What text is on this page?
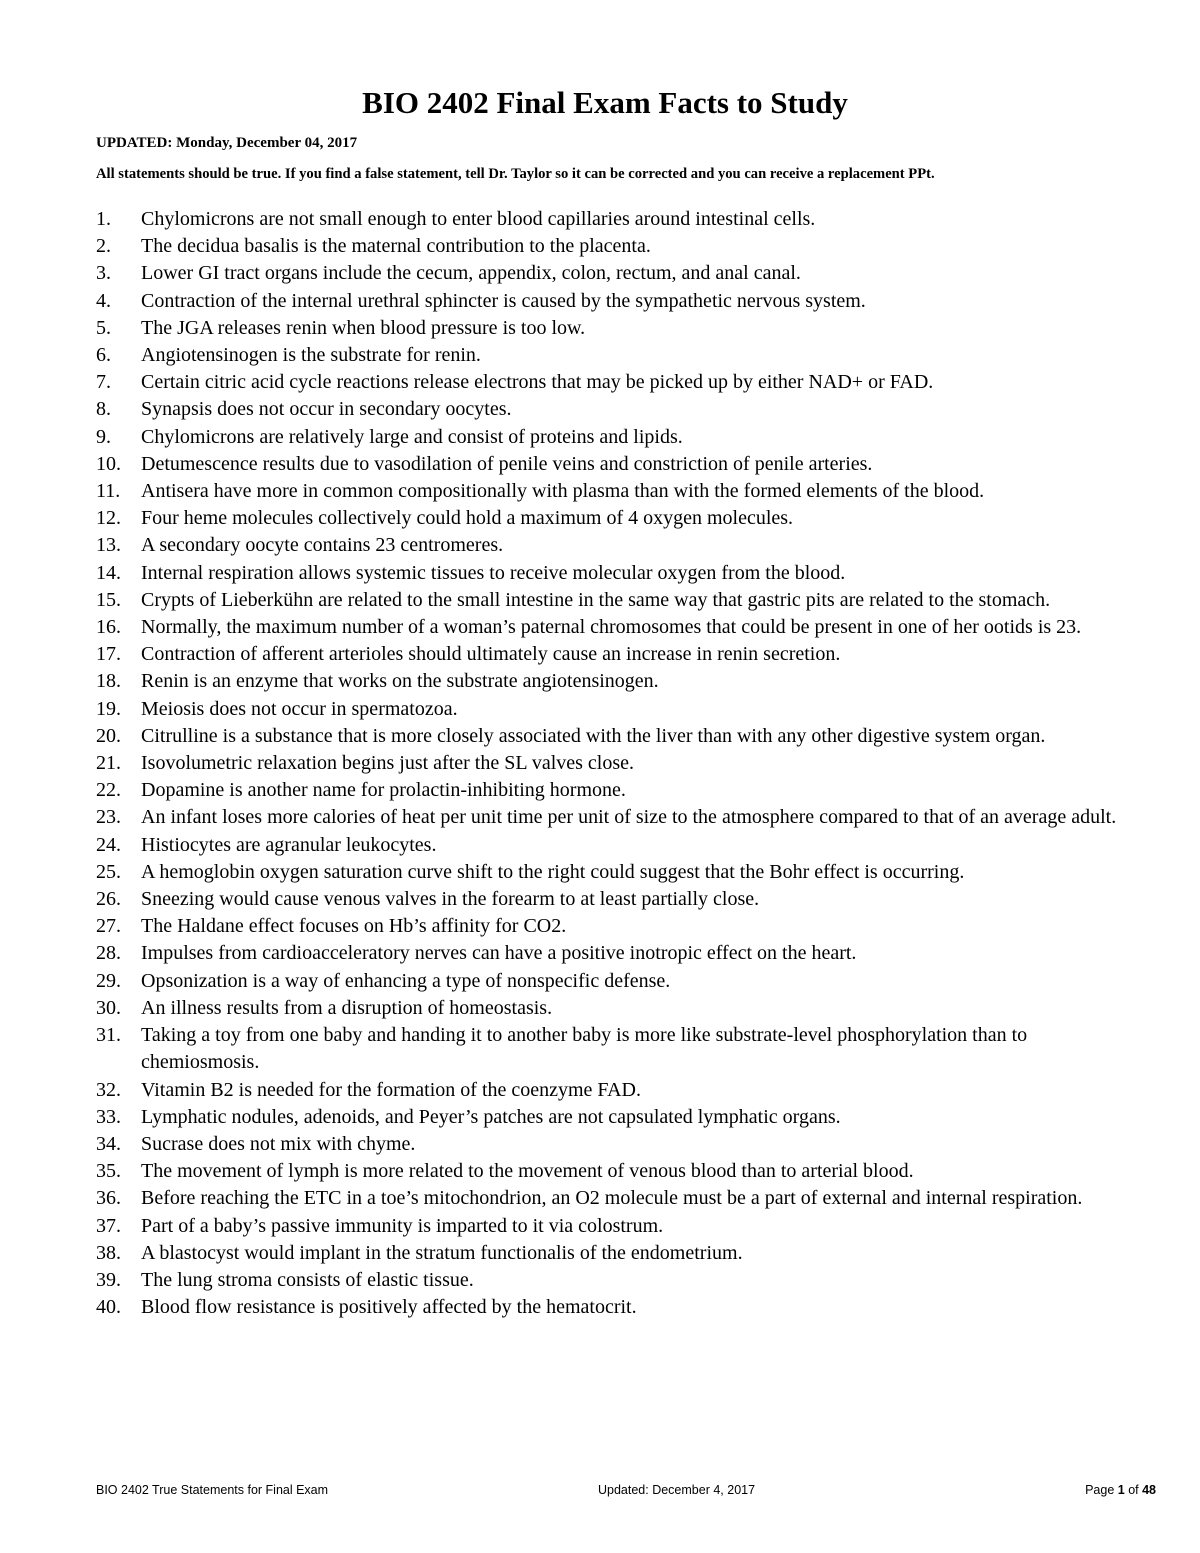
BIO 2402 Final Exam Facts to Study
UPDATED: Monday, December 04, 2017
All statements should be true. If you find a false statement, tell Dr. Taylor so it can be corrected and you can receive a replacement PPt.
1.	Chylomicrons are not small enough to enter blood capillaries around intestinal cells.
2.	The decidua basalis is the maternal contribution to the placenta.
3.	Lower GI tract organs include the cecum, appendix, colon, rectum, and anal canal.
4.	Contraction of the internal urethral sphincter is caused by the sympathetic nervous system.
5.	The JGA releases renin when blood pressure is too low.
6.	Angiotensinogen is the substrate for renin.
7.	Certain citric acid cycle reactions release electrons that may be picked up by either NAD+ or FAD.
8.	Synapsis does not occur in secondary oocytes.
9.	Chylomicrons are relatively large and consist of proteins and lipids.
10.	Detumescence results due to vasodilation of penile veins and constriction of penile arteries.
11.	Antisera have more in common compositionally with plasma than with the formed elements of the blood.
12.	Four heme molecules collectively could hold a maximum of 4 oxygen molecules.
13.	A secondary oocyte contains 23 centromeres.
14.	Internal respiration allows systemic tissues to receive molecular oxygen from the blood.
15.	Crypts of Lieberkühn are related to the small intestine in the same way that gastric pits are related to the stomach.
16.	Normally, the maximum number of a woman’s paternal chromosomes that could be present in one of her ootids is 23.
17.	Contraction of afferent arterioles should ultimately cause an increase in renin secretion.
18.	Renin is an enzyme that works on the substrate angiotensinogen.
19.	Meiosis does not occur in spermatozoa.
20.	Citrulline is a substance that is more closely associated with the liver than with any other digestive system organ.
21.	Isovolumetric relaxation begins just after the SL valves close.
22.	Dopamine is another name for prolactin-inhibiting hormone.
23.	An infant loses more calories of heat per unit time per unit of size to the atmosphere compared to that of an average adult.
24.	Histiocytes are agranular leukocytes.
25.	A hemoglobin oxygen saturation curve shift to the right could suggest that the Bohr effect is occurring.
26.	Sneezing would cause venous valves in the forearm to at least partially close.
27.	The Haldane effect focuses on Hb’s affinity for CO2.
28.	Impulses from cardioacceleratory nerves can have a positive inotropic effect on the heart.
29.	Opsonization is a way of enhancing a type of nonspecific defense.
30.	An illness results from a disruption of homeostasis.
31.	Taking a toy from one baby and handing it to another baby is more like substrate-level phosphorylation than to chemiosmosis.
32.	Vitamin B2 is needed for the formation of the coenzyme FAD.
33.	Lymphatic nodules, adenoids, and Peyer’s patches are not capsulated lymphatic organs.
34.	Sucrase does not mix with chyme.
35.	The movement of lymph is more related to the movement of venous blood than to arterial blood.
36.	Before reaching the ETC in a toe’s mitochondrion, an O2 molecule must be a part of external and internal respiration.
37.	Part of a baby’s passive immunity is imparted to it via colostrum.
38.	A blastocyst would implant in the stratum functionalis of the endometrium.
39.	The lung stroma consists of elastic tissue.
40.	Blood flow resistance is positively affected by the hematocrit.
BIO 2402 True Statements for Final Exam	Updated: December 4, 2017	Page 1 of 48
